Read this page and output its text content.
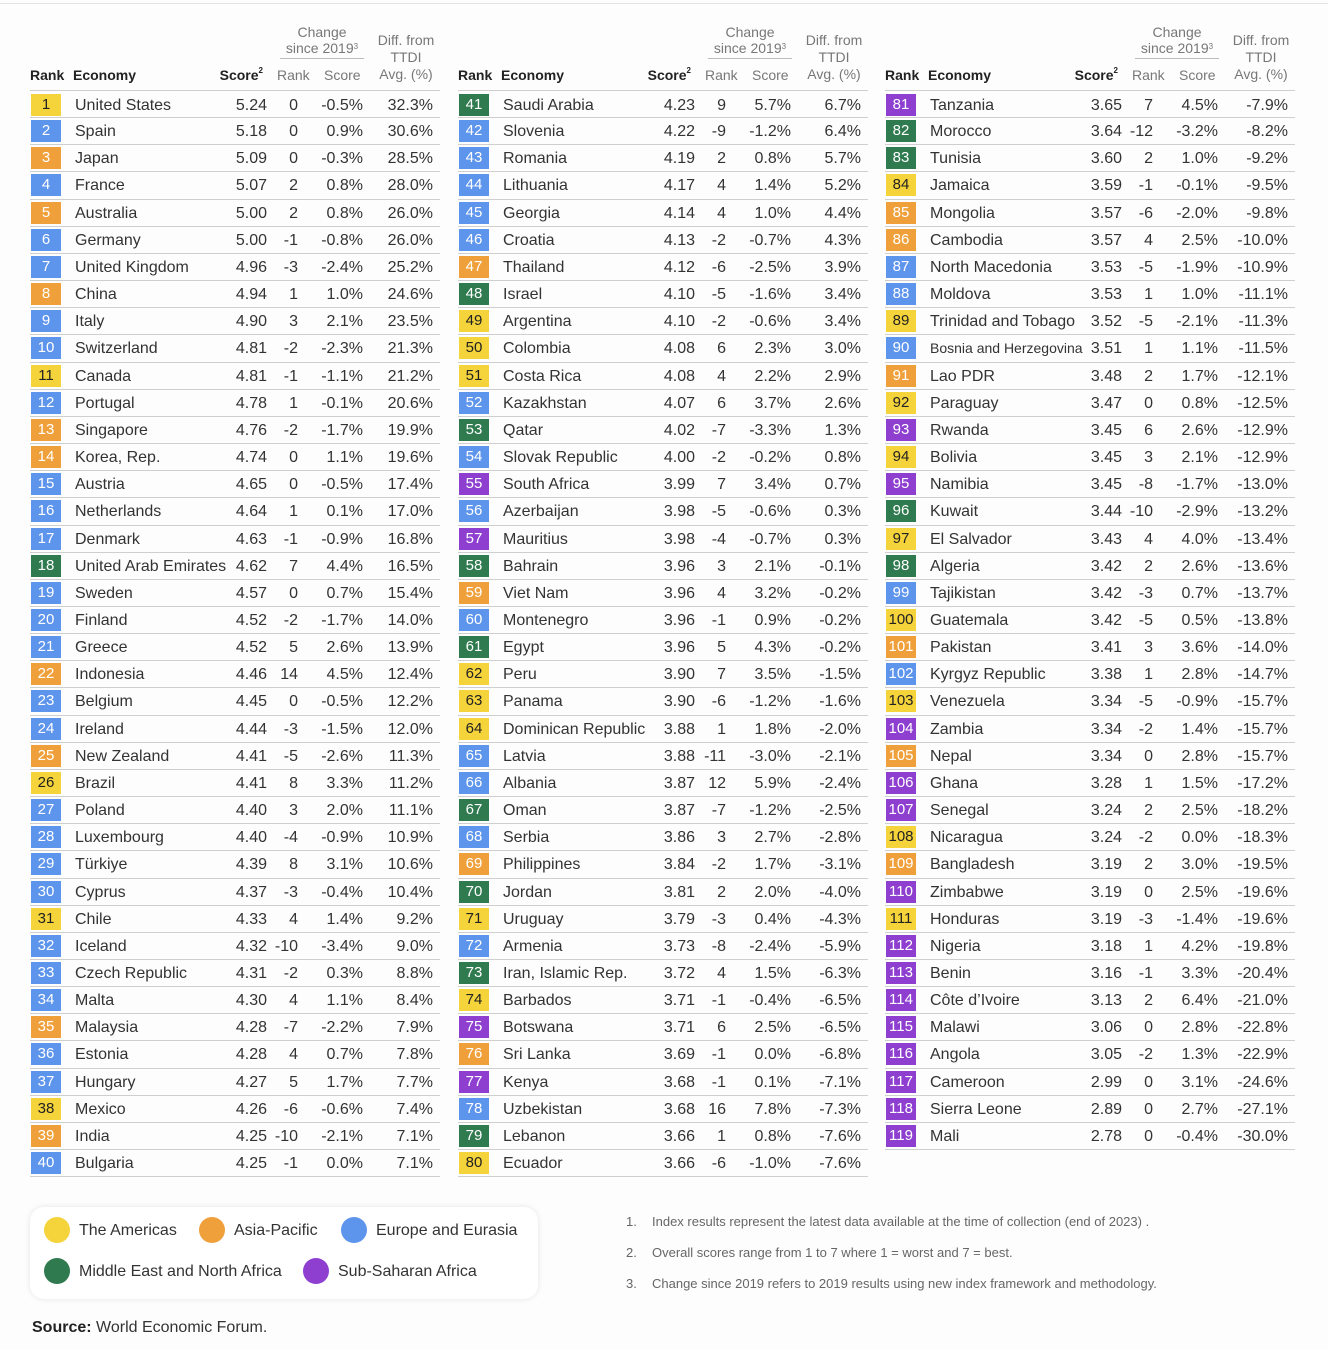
Rank Economy	Score$^2$
Change
since 2019$^3$
Rank Score
Diff. from
TTDI
Avg. (%)
1	United States	5.24 0 -0.5% 32.3%
2	Spain	5.18 0 0.9% 30.6%
3	Japan	5.09 0 -0.3% 28.5%
4	France	5.07 2 0.8% 28.0%
5	Australia	5.00 2 0.8% 26.0%
6	Germany	5.00 -1 -0.8% 26.0%
7	United Kingdom	4.96 -3 -2.4% 25.2%
8	China	4.94 1 1.0% 24.6%
9	Italy	4.90 3 2.1% 23.5%
10	Switzerland	4.81 -2 -2.3% 21.3%
11	Canada	4.81 -1 -1.1% 21.2%
12	Portugal	4.78 1 -0.1% 20.6%
13	Singapore	4.76 -2 -1.7% 19.9%
14	Korea, Rep.	4.74 0 1.1% 19.6%
15	Austria	4.65 0 -0.5% 17.4%
16	Netherlands	4.64 1 0.1% 17.0%
17	Denmark	4.63 -1 -0.9% 16.8%
18	United Arab Emirates 4.62 7 4.4% 16.5%
19	Sweden	4.57 0 0.7% 15.4%
20	Finland	4.52 -2 -1.7% 14.0%
21	Greece	4.52 5 2.6% 13.9%
22	Indonesia	4.46 14 4.5% 12.4%
23	Belgium	4.45 0 -0.5% 12.2%
24	Ireland	4.44 -3 -1.5% 12.0%
25	New Zealand	4.41 -5 -2.6% 11.3%
26	Brazil	4.41 8 3.3% 11.2%
27	Poland	4.40 3 2.0% 11.1%
28	Luxembourg	4.40 -4 -0.9% 10.9%
29	Türkiye	4.39 8 3.1% 10.6%
30	Cyprus	4.37 -3 -0.4% 10.4%
31	Chile	4.33 4 1.4% 9.2%
32	Iceland	4.32 -10 -3.4% 9.0%
33	Czech Republic	4.31 -2 0.3% 8.8%
34	Malta	4.30 4 1.1% 8.4%
35	Malaysia	4.28 -7 -2.2% 7.9%
36	Estonia	4.28 4 0.7% 7.8%
37	Hungary	4.27 5 1.7% 7.7%
38	Mexico	4.26 -6 -0.6% 7.4%
39	India	4.25 -10 -2.1% 7.1%
40	Bulgaria	4.25 -1 0.0% 7.1%
Rank Economy	Score$^2$
Change
since 2019$^3$
Rank Score
Diff. from
TTDI
Avg. (%)
41	Saudi Arabia	4.23 9 5.7% 6.7%
42	Slovenia	4.22 -9 -1.2% 6.4%
43	Romania	4.19 2 0.8% 5.7%
44	Lithuania	4.17 4 1.4% 5.2%
45	Georgia	4.14 4 1.0% 4.4%
46	Croatia	4.13 -2 -0.7% 4.3%
47	Thailand	4.12 -6 -2.5% 3.9%
48	Israel	4.10 -5 -1.6% 3.4%
49	Argentina	4.10 -2 -0.6% 3.4%
50	Colombia	4.08 6 2.3% 3.0%
51	Costa Rica	4.08 4 2.2% 2.9%
52	Kazakhstan	4.07 6 3.7% 2.6%
53	Qatar	4.02 -7 -3.3% 1.3%
54	Slovak Republic	4.00 -2 -0.2% 0.8%
55	South Africa	3.99 7 3.4% 0.7%
56	Azerbaijan	3.98 -5 -0.6% 0.3%
57	Mauritius	3.98 -4 -0.7% 0.3%
58	Bahrain	3.96 3 2.1% -0.1%
59	Viet Nam	3.96 4 3.2% -0.2%
60	Montenegro	3.96 -1 0.9% -0.2%
61	Egypt	3.96 5 4.3% -0.2%
62	Peru	3.90 7 3.5% -1.5%
63	Panama	3.90 -6 -1.2% -1.6%
64	Dominican Republic 3.88 1 1.8% -2.0%
65	Latvia	3.88 -11 -3.0% -2.1%
66	Albania	3.87 12 5.9% -2.4%
67	Oman	3.87 -7 -1.2% -2.5%
68	Serbia	3.86 3 2.7% -2.8%
69	Philippines	3.84 -2 1.7% -3.1%
70	Jordan	3.81 2 2.0% -4.0%
71	Uruguay	3.79 -3 0.4% -4.3%
72	Armenia	3.73 -8 -2.4% -5.9%
73	Iran, Islamic Rep. 3.72 4 1.5% -6.3%
74	Barbados	3.71 -1 -0.4% -6.5%
75	Botswana	3.71 6 2.5% -6.5%
76	Sri Lanka	3.69 -1 0.0% -6.8%
77	Kenya	3.68 -1 0.1% -7.1%
78	Uzbekistan	3.68 16 7.8% -7.3%
79	Lebanon	3.66 1 0.8% -7.6%
80	Ecuador	3.66 -6 -1.0% -7.6%
Rank Economy	Score$^2$
Change
since 2019$^3$
Rank Score
Diff. from
TTDI
Avg. (%)
81	Tanzania	3.65 7 4.5% -7.9%
82	Morocco	3.64 -12 -3.2% -8.2%
83	Tunisia	3.60 2 1.0% -9.2%
84	Jamaica	3.59 -1 -0.1% -9.5%
85	Mongolia	3.57 -6 -2.0% -9.8%
86	Cambodia	3.57 4 2.5% -10.0%
87	North Macedonia 3.53 -5 -1.9% -10.9%
88	Moldova	3.53 1 1.0% -11.1%
89	Trinidad and Tobago 3.52 -5 -2.1% -11.3%
90	Bosnia and Herzegovina 3.51 1 1.1% -11.5%
91	Lao PDR	3.48 2 1.7% -12.1%
92	Paraguay	3.47 0 0.8% -12.5%
93	Rwanda	3.45 6 2.6% -12.9%
94	Bolivia	3.45 3 2.1% -12.9%
95	Namibia	3.45 -8 -1.7% -13.0%
96	Kuwait	3.44 -10 -2.9% -13.2%
97	El Salvador	3.43 4 4.0% -13.4%
98	Algeria	3.42 2 2.6% -13.6%
99	Tajikistan	3.42 -3 0.7% -13.7%
100 Guatemala	3.42 -5 0.5% -13.8%
101 Pakistan	3.41 3 3.6% -14.0%
102 Kyrgyz Republic	3.38 1 2.8% -14.7%
103 Venezuela	3.34 -5 -0.9% -15.7%
104 Zambia	3.34 -2 1.4% -15.7%
105 Nepal	3.34 0 2.8% -15.7%
106 Ghana	3.28 1 1.5% -17.2%
107 Senegal	3.24 2 2.5% -18.2%
108 Nicaragua	3.24 -2 0.0% -18.3%
109 Bangladesh	3.19 2 3.0% -19.5%
110 Zimbabwe	3.19 0 2.5% -19.6%
111 Honduras	3.19 -3 -1.4% -19.6%
112 Nigeria	3.18 1 4.2% -19.8%
113 Benin	3.16 -1 3.3% -20.4%
114 Côte d’Ivoire	3.13 2 6.4% -21.0%
115 Malawi	3.06 0 2.8% -22.8%
116 Angola	3.05 -2 1.3% -22.9%
117 Cameroon	2.99 0 3.1% -24.6%
118 Sierra Leone	2.89 0 2.7% -27.1%
119 Mali	2.78 0 -0.4% -30.0%
The Americas	Asia-Pacific	Europe and Eurasia
Middle East and North Africa	Sub-Saharan Africa
1. Index results represent the latest data available at the time of collection (end of 2023) .
2. Overall scores range from 1 to 7 where 1 = worst and 7 = best.
3. Change since 2019 refers to 2019 results using new index framework and methodology.
Source: World Economic Forum.
